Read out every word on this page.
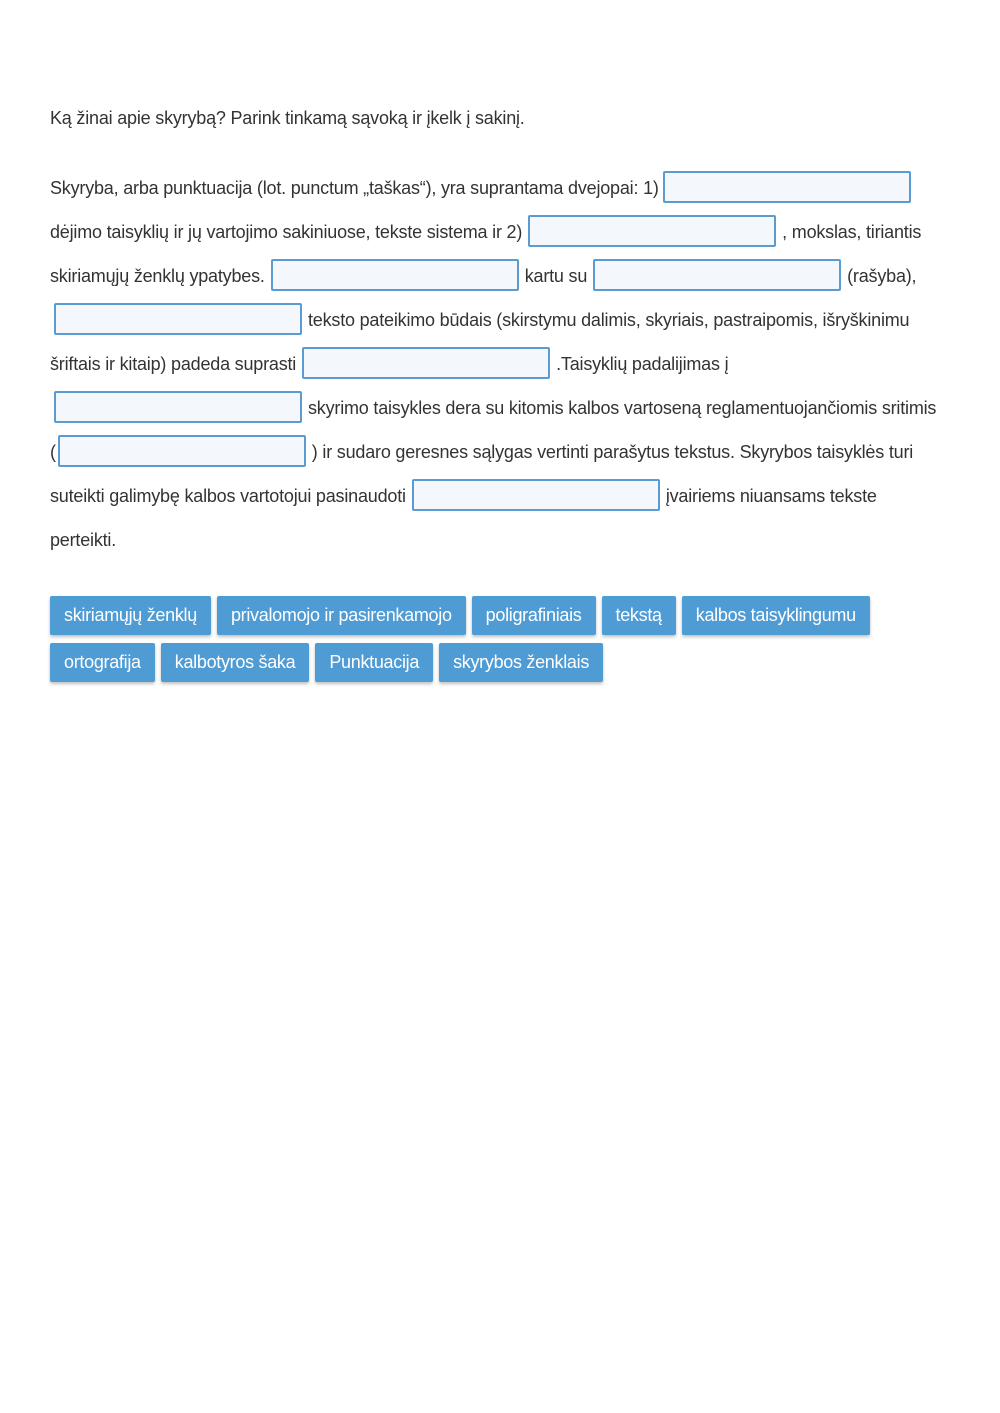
Ką žinai apie skyrybą? Parink tinkamą sąvoką ir įkelk į sakinį.

Skyryba, arba punktuacija (lot. punctum „taškas“), yra suprantama dvejopai: 1) dėjimo taisyklių ir jų vartojimo sakiniuose, tekste sistema ir 2)	, mokslas, tiriantis skiriamųjų ženklų ypatybes.	kartu su	(rašyba), teksto pateikimo būdais (skirstymu dalimis, skyriais, pastraipomis, išryškinimu šriftais ir kitaip) padeda suprasti	.Taisyklių padalijimas į skyrimo taisykles dera su kitomis kalbos vartoseną reglamentuojančiomis sritimis (	) ir sudaro geresnes sąlygas vertinti parašytus tekstus. Skyrybos taisyklės turi suteikti galimybę kalbos vartotojui pasinaudoti	įvairiems niuansams tekste perteikti.
skiriamųjų ženklų	privalomojo ir pasirenkamojo	poligrafiniais	tekstą	kalbos taisyklingumu
ortografija	kalbotyros šaka	Punktuacija	skyrybos ženklais
